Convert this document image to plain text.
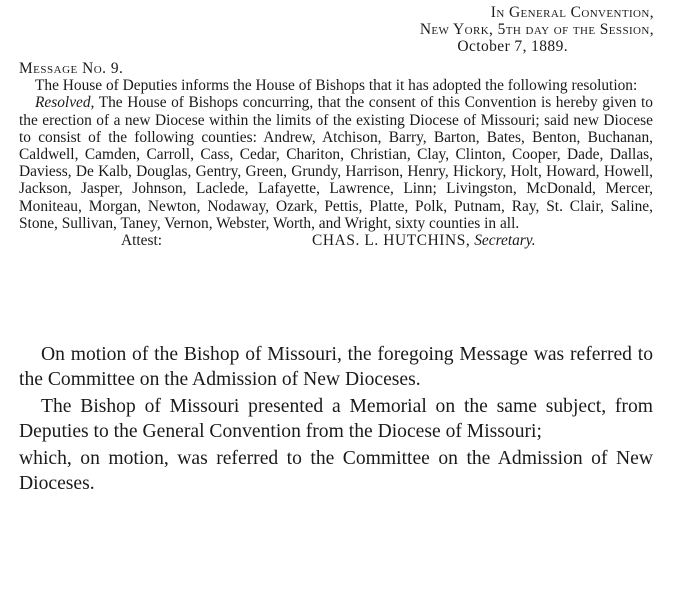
In General Convention,
New York, 5th day of the Session,
October 7, 1889.

Message No. 9.

The House of Deputies informs the House of Bishops that it has adopted the following resolution:

Resolved, The House of Bishops concurring, that the consent of this Convention is hereby given to the erection of a new Diocese within the limits of the existing Diocese of Missouri; said new Diocese to consist of the following counties: Andrew, Atchison, Barry, Barton, Bates, Benton, Buchanan, Caldwell, Camden, Carroll, Cass, Cedar, Chariton, Christian, Clay, Clinton, Cooper, Dade, Dallas, Daviess, De Kalb, Douglas, Gentry, Green, Grundy, Harrison, Henry, Hickory, Holt, Howard, Howell, Jackson, Jasper, Johnson, Laclede, Lafayette, Lawrence, Linn; Livingston, McDonald, Mercer, Moniteau, Morgan, Newton, Nodaway, Ozark, Pettis, Platte, Polk, Putnam, Ray, St. Clair, Saline, Stone, Sullivan, Taney, Vernon, Webster, Worth, and Wright, sixty counties in all.

Attest:	CHAS. L. HUTCHINS, Secretary.

On motion of the Bishop of Missouri, the foregoing Message was referred to the Committee on the Admission of New Dioceses.

The Bishop of Missouri presented a Memorial on the same subject, from Deputies to the General Convention from the Diocese of Missouri;

which, on motion, was referred to the Committee on the Admission of New Dioceses.
